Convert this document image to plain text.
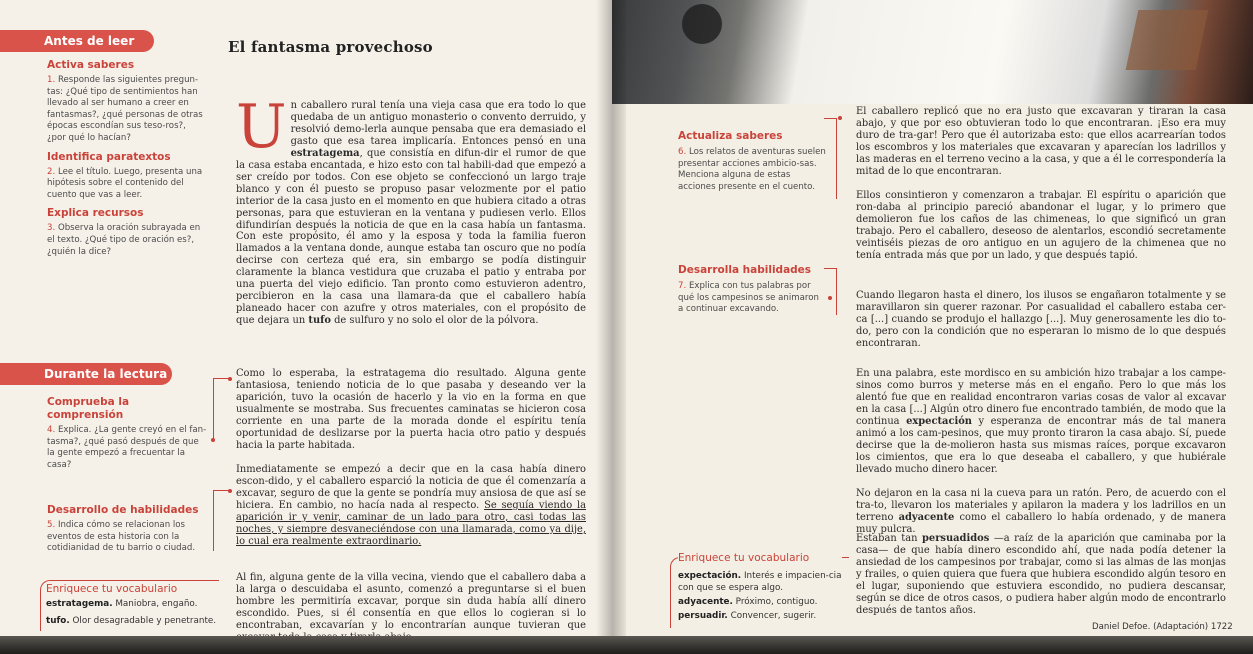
Antes de leer
Activa saberes
1. Responde las siguientes pregun-tas: ¿Qué tipo de sentimientos han llevado al ser humano a creer en fantasmas?, ¿qué personas de otras épocas escondían sus teso-ros?, ¿por qué lo hacían?
Identifica paratextos
2. Lee el título. Luego, presenta una hipótesis sobre el contenido del cuento que vas a leer.
Explica recursos
3. Observa la oración subrayada en el texto. ¿Qué tipo de oración es?, ¿quién la dice?
Durante la lectura
Comprueba la comprensión
4. Explica. ¿La gente creyó en el fan-tasma?, ¿qué pasó después de que la gente empezó a frecuentar la casa?
Desarrollo de habilidades
5. Indica cómo se relacionan los eventos de esta historia con la cotidianidad de tu barrio o ciudad.
Enriquece tu vocabulario
estratagema. Maniobra, engaño.
tufo. Olor desagradable y penetrante.
El fantasma provechoso
Un caballero rural tenía una vieja casa que era todo lo que quedaba de un antiguo monasterio o convento derruido, y resolvió demo-lerla aunque pensaba que era demasiado el gasto que esa tarea implicaría. Entonces pensó en una estratagema, que consistía en difun-dir el rumor de que la casa estaba encantada, e hizo esto con tal habili-dad que empezó a ser creído por todos. Con ese objeto se confeccionó un largo traje blanco y con él puesto se propuso pasar velozmente por el patio interior de la casa justo en el momento en que hubiera citado a otras personas, para que estuvieran en la ventana y pudiesen verlo. Ellos difundirían después la noticia de que en la casa había un fantasma. Con este propósito, él amo y la esposa y toda la familia fueron llamados a la ventana donde, aunque estaba tan oscuro que no podía decirse con certeza qué era, sin embargo se podía distinguir claramente la blanca vestidura que cruzaba el patio y entraba por una puerta del viejo edificio. Tan pronto como estuvieron adentro, percibieron en la casa una llamara-da que el caballero había planeado hacer con azufre y otros materiales, con el propósito de que dejara un tufo de sulfuro y no solo el olor de la pólvora.
Como lo esperaba, la estratagema dio resultado. Alguna gente fantasiosa, teniendo noticia de lo que pasaba y deseando ver la aparición, tuvo la ocasión de hacerlo y la vio en la forma en que usualmente se mostraba. Sus frecuentes caminatas se hicieron cosa corriente en una parte de la morada donde el espíritu tenía oportunidad de deslizarse por la puerta hacia otro patio y después hacia la parte habitada.
Inmediatamente se empezó a decir que en la casa había dinero escon-dido, y el caballero esparció la noticia de que él comenzaría a excavar, seguro de que la gente se pondría muy ansiosa de que así se hiciera. En cambio, no hacía nada al respecto. Se seguía viendo la aparición ir y venir, caminar de un lado para otro, casi todas las noches, y siempre desvaneciéndose con una llamarada, como ya dije, lo cual era realmente extraordinario.
Al fin, alguna gente de la villa vecina, viendo que el caballero daba a la larga o descuidaba el asunto, comenzó a preguntarse si el buen hombre les permitiría excavar, porque sin duda había allí dinero escondido. Pues, si él consentía en que ellos lo cogieran si lo encontraban, excavarían y lo encontrarían aunque tuvieran que
Actualiza saberes
6. Los relatos de aventuras suelen presentar acciones ambicio-sas. Menciona alguna de estas acciones presente en el cuento.
Desarrolla habilidades
7. Explica con tus palabras por qué los campesinos se animaron a continuar excavando.
Enriquece tu vocabulario
expectación. Interés e impacien-cia con que se espera algo.
adyacente. Próximo, contiguo.
persuadir. Convencer, sugerir.
El caballero replicó que no era justo que excavaran y tiraran la casa abajo, y que por eso obtuvieran todo lo que encontraran. ¡Eso era muy duro de tra-gar! Pero que él autorizaba esto: que ellos acarrearían todos los escombros y los materiales que excavaran y aparecían los ladrillos y las maderas en el terreno vecino a la casa, y que a él le correspondería la mitad de lo que encontraran.
Ellos consintieron y comenzaron a trabajar. El espíritu o aparición que ron-daba al principio pareció abandonar el lugar, y lo primero que demolieron fue los caños de las chimeneas, lo que significó un gran trabajo. Pero el caballero, deseoso de alentarlos, escondió secretamente veintiséis piezas de oro antiguo en un agujero de la chimenea que no tenía entrada más que por un lado, y que después tapió.
Cuando llegaron hasta el dinero, los ilusos se engañaron totalmente y se maravillaron sin querer razonar. Por casualidad el caballero estaba cer-ca [...] cuando se produjo el hallazgo [...]. Muy generosamente les dio to-do, pero con la condición que no esperaran lo mismo de lo que después encontraran.
En una palabra, este mordisco en su ambición hizo trabajar a los campe-sinos como burros y meterse más en el engaño. Pero lo que más los alentó fue que en realidad encontraron varias cosas de valor al excavar en la casa [...] Algún otro dinero fue encontrado también, de modo que la continua expectación y esperanza de encontrar más de tal manera animó a los cam-pesinos, que muy pronto tiraron la casa abajo. Sí, puede decirse que la de-molieron hasta sus mismas raíces, porque excavaron los cimientos, que era lo que deseaba el caballero, y que hubiérale llevado mucho dinero hacer.
No dejaron en la casa ni la cueva para un ratón. Pero, de acuerdo con el tra-to, llevaron los materiales y apilaron la madera y los ladrillos en un terreno adyacente como el caballero lo había ordenado, y de manera muy pulcra.
Estaban tan persuadidos —a raíz de la aparición que caminaba por la casa— de que había dinero escondido ahí, que nada podía detener la ansiedad de los campesinos por trabajar, como si las almas de las monjas y frailes, o quien quiera que fuera que hubiera escondido algún tesoro en el lugar, suponiendo que estuviera escondido, no pudiera descansar, según se dice de otros casos, o pudiera haber algún modo de encontrarlo después de tantos años.
Daniel Defoe. (Adaptación) 1722
